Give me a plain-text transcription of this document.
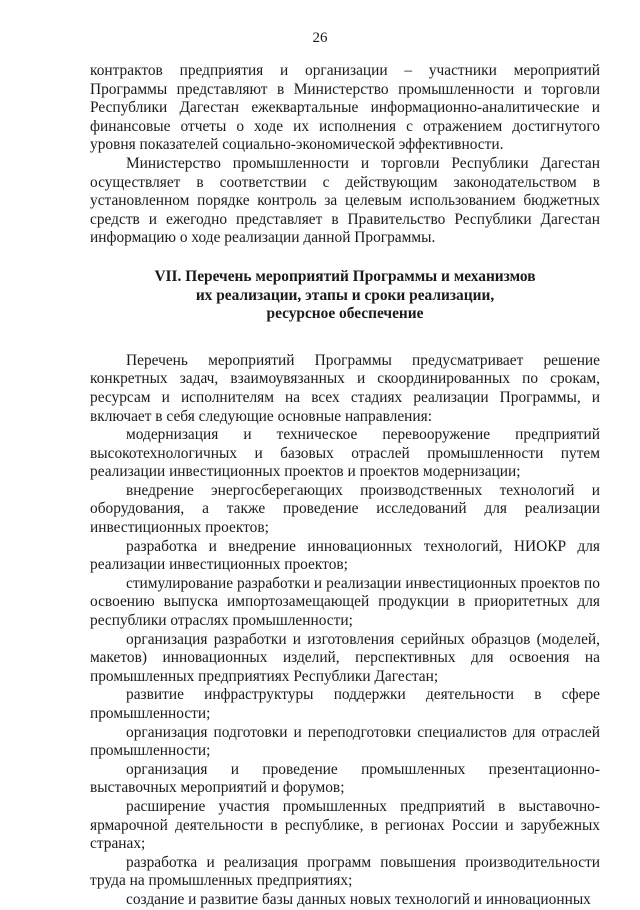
26

контрактов предприятия и организации – участники мероприятий Программы представляют в Министерство промышленности и торговли Республики Дагестан ежеквартальные информационно-аналитические и финансовые отчеты о ходе их исполнения с отражением достигнутого уровня показателей социально-экономической эффективности.

Министерство промышленности и торговли Республики Дагестан осуществляет в соответствии с действующим законодательством в установленном порядке контроль за целевым использованием бюджетных средств и ежегодно представляет в Правительство Республики Дагестан информацию о ходе реализации данной Программы.

VII. Перечень мероприятий Программы и механизмов
их реализации, этапы и сроки реализации,
ресурсное обеспечение

Перечень мероприятий Программы предусматривает решение конкретных задач, взаимоувязанных и скоординированных по срокам, ресурсам и исполнителям на всех стадиях реализации Программы, и включает в себя следующие основные направления:

модернизация и техническое перевооружение предприятий высокотехнологичных и базовых отраслей промышленности путем реализации инвестиционных проектов и проектов модернизации;

внедрение энергосберегающих производственных технологий и оборудования, а также проведение исследований для реализации инвестиционных проектов;

разработка и внедрение инновационных технологий, НИОКР для реализации инвестиционных проектов;

стимулирование разработки и реализации инвестиционных проектов по освоению выпуска импортозамещающей продукции в приоритетных для республики отраслях промышленности;

организация разработки и изготовления серийных образцов (моделей, макетов) инновационных изделий, перспективных для освоения на промышленных предприятиях Республики Дагестан;

развитие инфраструктуры поддержки деятельности в сфере промышленности;

организация подготовки и переподготовки специалистов для отраслей промышленности;

организация и проведение промышленных презентационно-выставочных мероприятий и форумов;

расширение участия промышленных предприятий в выставочно-ярмарочной деятельности в республике, в регионах России и зарубежных странах;

разработка и реализация программ повышения производительности труда на промышленных предприятиях;

создание и развитие базы данных новых технологий и инновационных
